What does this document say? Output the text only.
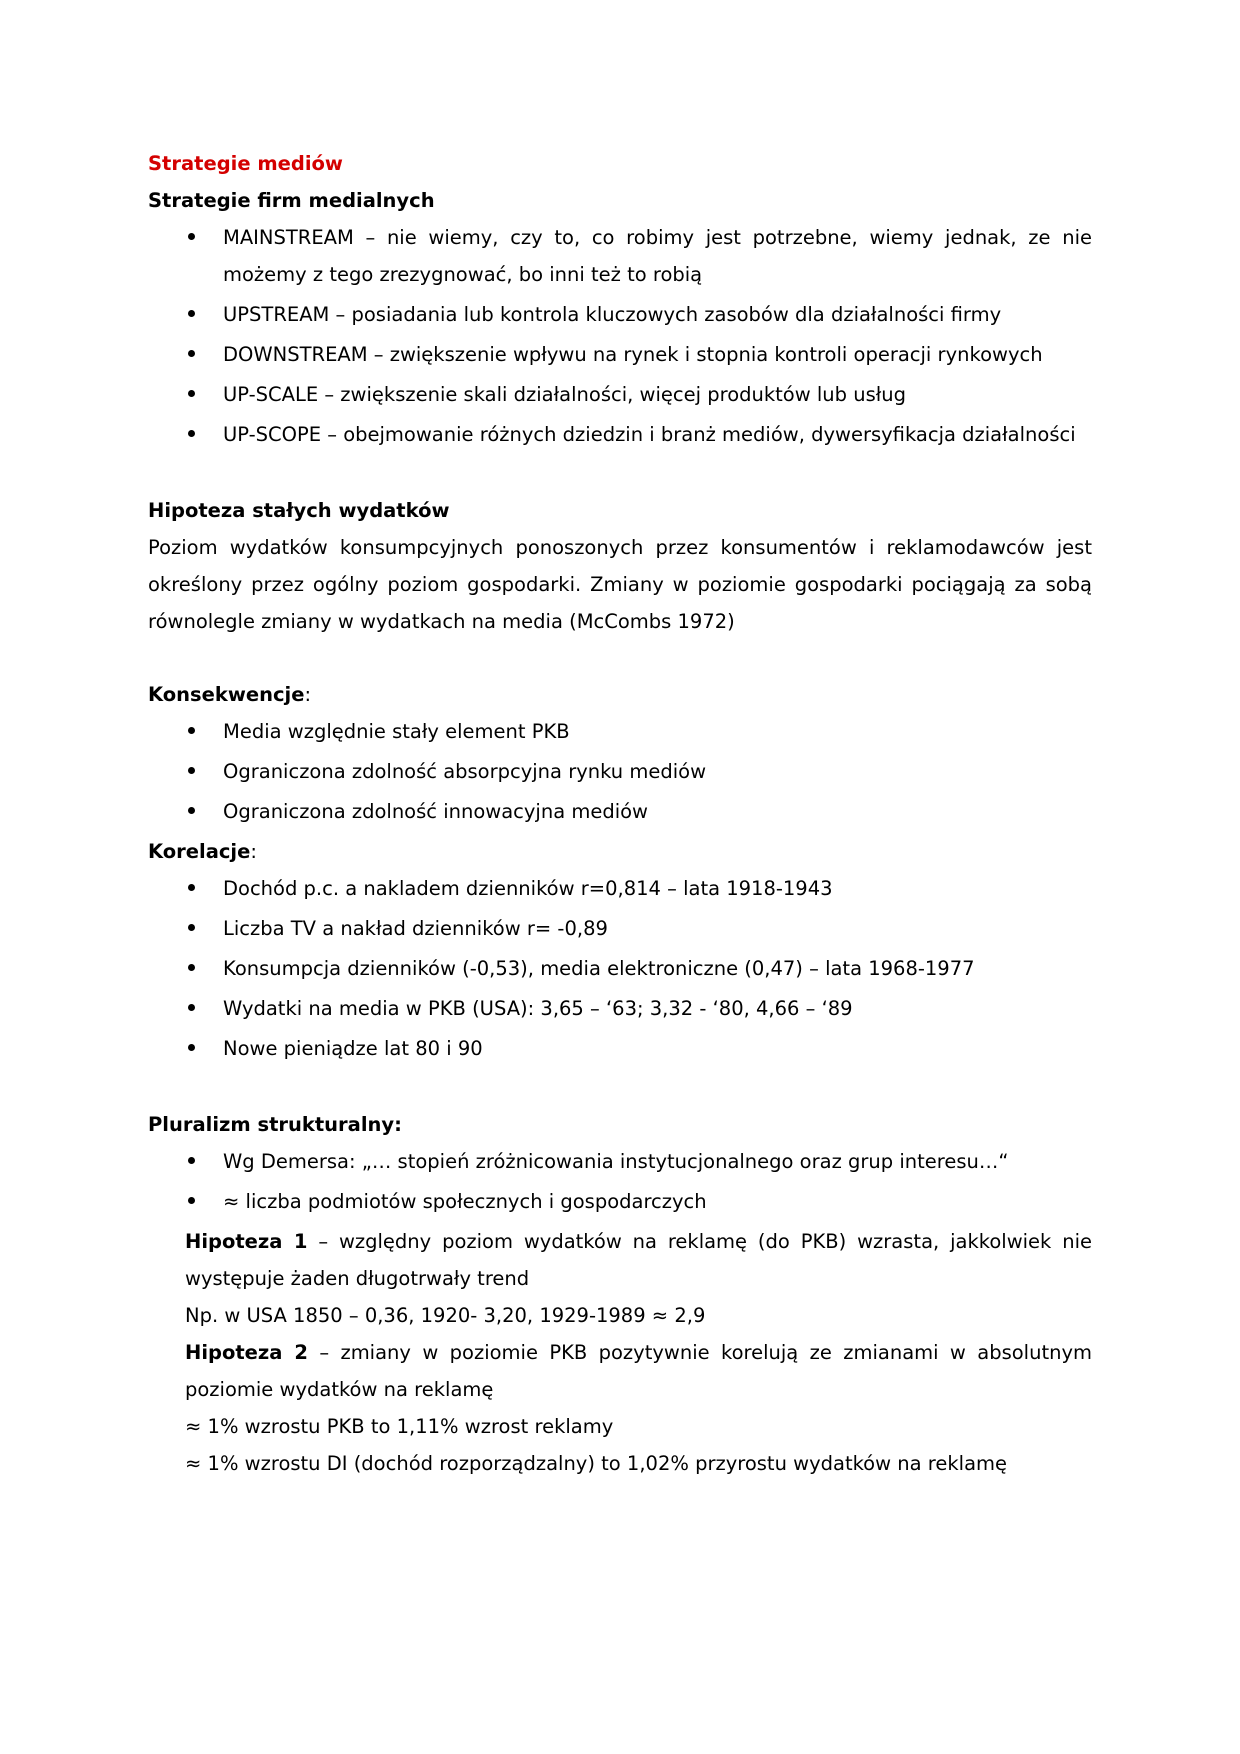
Strategie mediów
Strategie firm medialnych
MAINSTREAM – nie wiemy, czy to, co robimy jest potrzebne, wiemy jednak, ze nie możemy z tego zrezygnować, bo inni też to robią
UPSTREAM – posiadania lub kontrola kluczowych zasobów dla działalności firmy
DOWNSTREAM – zwiększenie wpływu na rynek i stopnia kontroli operacji rynkowych
UP-SCALE – zwiększenie skali działalności, więcej produktów lub usług
UP-SCOPE – obejmowanie różnych dziedzin i branż mediów, dywersyfikacja działalności
Hipoteza stałych wydatków
Poziom wydatków konsumpcyjnych ponoszonych przez konsumentów i reklamodawców jest określony przez ogólny poziom gospodarki. Zmiany w poziomie gospodarki pociągają za sobą równolegle zmiany w wydatkach na media (McCombs 1972)
Konsekwencje:
Media względnie stały element PKB
Ograniczona zdolność absorpcyjna rynku mediów
Ograniczona zdolność innowacyjna mediów
Korelacje:
Dochód p.c. a nakladem dzienników r=0,814 – lata 1918-1943
Liczba TV a nakład dzienników r= -0,89
Konsumpcja dzienników (-0,53), media elektroniczne (0,47) – lata 1968-1977
Wydatki na media w PKB (USA): 3,65 – ‘63; 3,32 - ‘80, 4,66 – ‘89
Nowe pieniądze lat 80 i 90
Pluralizm strukturalny:
Wg Demersa: „… stopień zróżnicowania instytucjonalnego oraz grup interesu…“
≈ liczba podmiotów społecznych i gospodarczych
Hipoteza 1 – względny poziom wydatków na reklamę (do PKB) wzrasta, jakkolwiek nie występuje żaden długotrwały trend
Np. w USA 1850 – 0,36, 1920- 3,20, 1929-1989 ≈ 2,9
Hipoteza 2 – zmiany w poziomie PKB pozytywnie korelują ze zmianami w absolutnym poziomie wydatków na reklamę
≈ 1% wzrostu PKB to 1,11% wzrost reklamy
≈ 1% wzrostu DI (dochód rozporządzalny) to 1,02% przyrostu wydatków na reklamę
